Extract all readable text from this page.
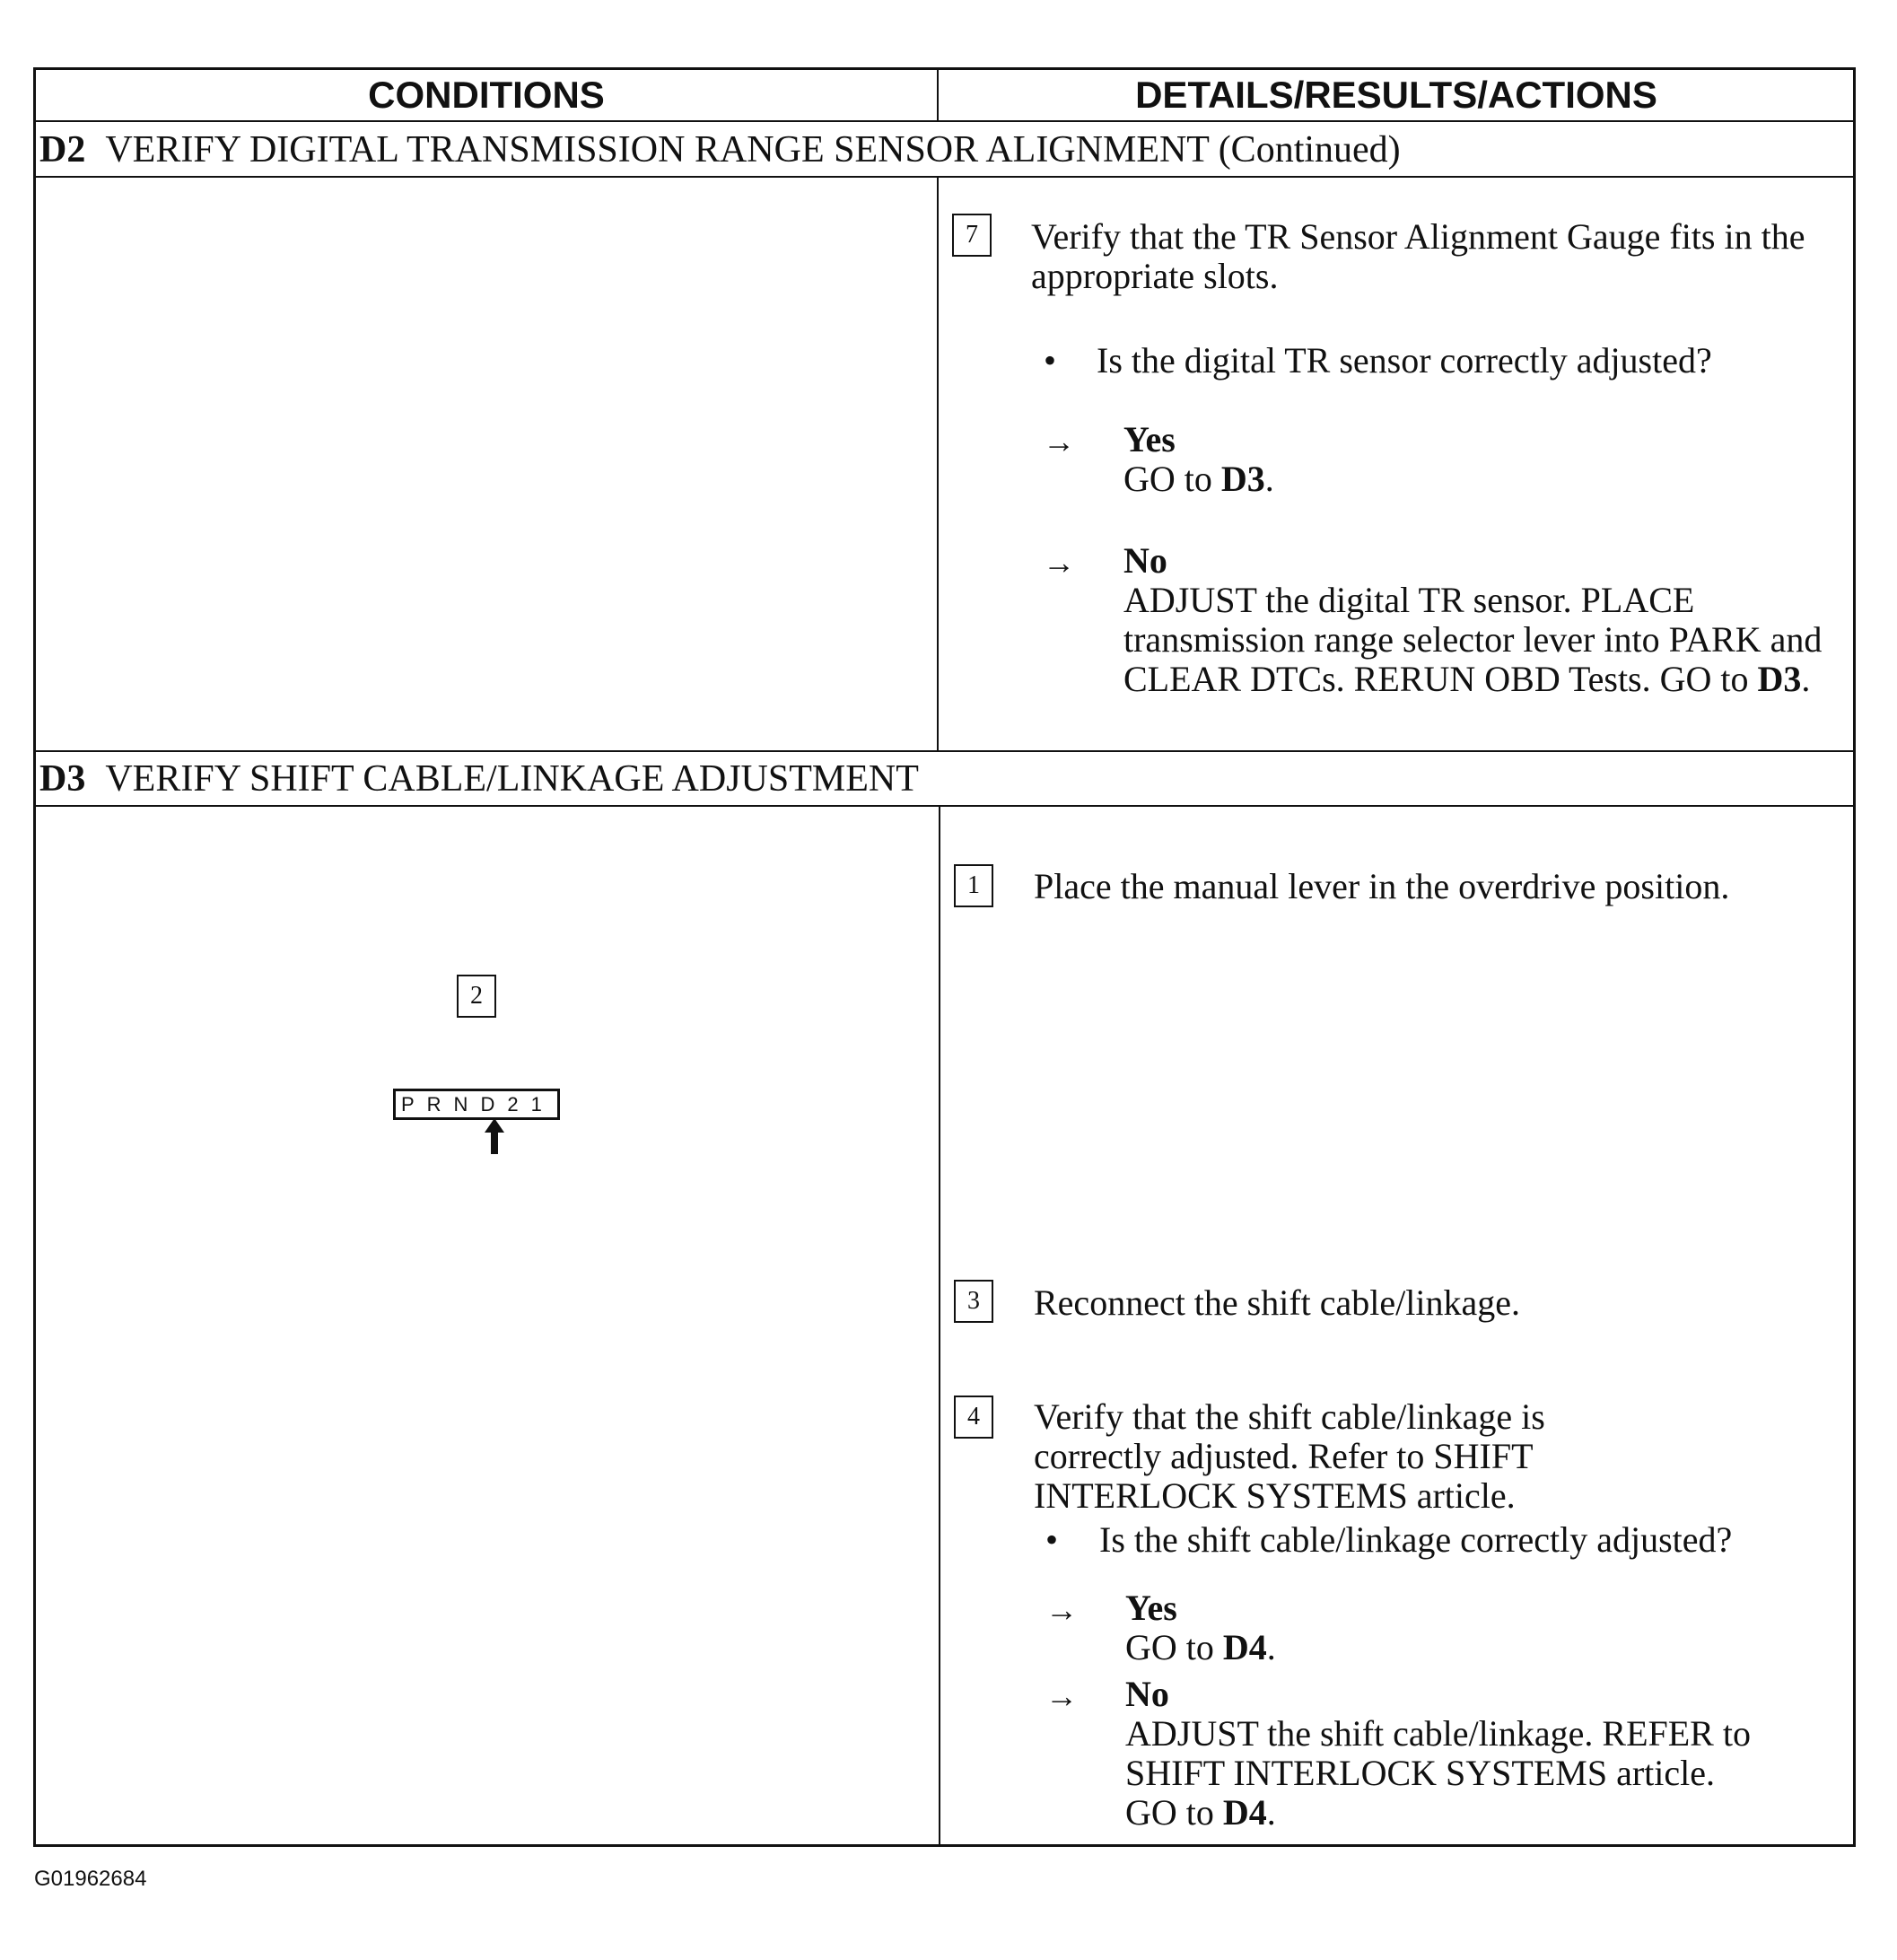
CONDITIONS	DETAILS/RESULTS/ACTIONS
D2 VERIFY DIGITAL TRANSMISSION RANGE SENSOR ALIGNMENT (Continued)
7	Verify that the TR Sensor Alignment Gauge fits in the appropriate slots.
• Is the digital TR sensor correctly adjusted?
→ Yes
GO to D3.
→ No
ADJUST the digital TR sensor. PLACE transmission range selector lever into PARK and CLEAR DTCs. RERUN OBD Tests. GO to D3.
D3 VERIFY SHIFT CABLE/LINKAGE ADJUSTMENT
1	Place the manual lever in the overdrive position.
2
PRND21
3	Reconnect the shift cable/linkage.
4	Verify that the shift cable/linkage is correctly adjusted. Refer to SHIFT INTERLOCK SYSTEMS article.
• Is the shift cable/linkage correctly adjusted?
→ Yes
GO to D4.
→ No
ADJUST the shift cable/linkage. REFER to SHIFT INTERLOCK SYSTEMS article.
GO to D4.
G01962684
